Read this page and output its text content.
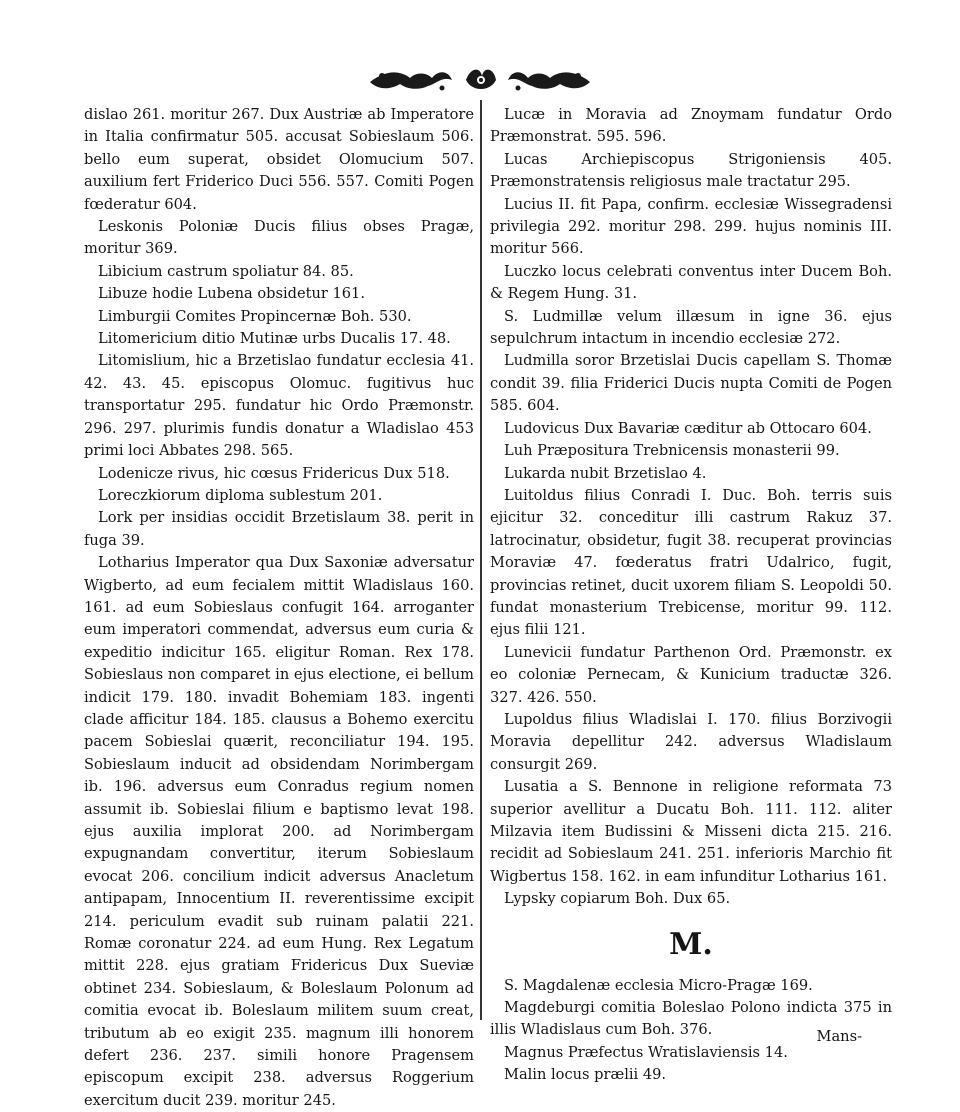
dislao 261. moritur 267. Dux Austriæ ab Imperatore in Italia confirmatur 505. accusat Sobieslaum 506. bello eum superat, obsidet Olomucium 507. auxilium fert Friderico Duci 556. 557. Comiti Pogen fœderatur 604.

Leskonis Poloniæ Ducis filius obses Pragæ, moritur 369.

Libicium castrum spoliatur 84. 85.

Libuze hodie Lubena obsidetur 161.

Limburgii Comites Propincernæ Boh. 530.

Litomericium ditio Mutinæ urbs Ducalis 17. 48.

Litomislium, hic a Brzetislao fundatur ecclesia 41. 42. 43. 45. episcopus Olomuc. fugitivus huc transportatur 295. fundatur hic Ordo Præmonstr. 296. 297. plurimis fundis donatur a Wladislao 453 primi loci Abbates 298. 565.

Lodenicze rivus, hic cœsus Fridericus Dux 518.

Loreczkiorum diploma sublestum 201.

Lork per insidias occidit Brzetislaum 38. perit in fuga 39.

Lotharius Imperator qua Dux Saxoniæ adversatur Wigberto, ad eum fecialem mittit Wladislaus 160. 161. ad eum Sobieslaus confugit 164. arroganter eum imperatori commendat, adversus eum curia & expeditio indicitur 165. eligitur Roman. Rex 178. Sobieslaus non comparet in ejus electione, ei bellum indicit 179. 180. invadit Bohemiam 183. ingenti clade afficitur 184. 185. clausus a Bohemo exercitu pacem Sobieslai quærit, reconciliatur 194. 195. Sobieslaum inducit ad obsidendam Norimbergam ib. 196. adversus eum Conradus regium nomen assumit ib. Sobieslai filium e baptismo levat 198. ejus auxilia implorat 200. ad Norimbergam expugnandam convertitur, iterum Sobieslaum evocat 206. concilium indicit adversus Anacletum antipapam, Innocentium II. reverentissime excipit 214. periculum evadit sub ruinam palatii 221. Romæ coronatur 224. ad eum Hung. Rex Legatum mittit 228. ejus gratiam Fridericus Dux Sueviæ obtinet 234. Sobieslaum, & Boleslaum Polonum ad comitia evocat ib. Boleslaum militem suum creat, tributum ab eo exigit 235. magnum illi honorem defert 236. 237. simili honore Pragensem episcopum excipit 238. adversus Roggerium exercitum ducit 239. moritur 245.

Lucæ in Moravia ad Znoymam fundatur Ordo Præmonstrat. 595. 596.

Lucas Archiepiscopus Strigoniensis 405. Præmonstratensis religiosus male tractatur 295.

Lucius II. fit Papa, confirm. ecclesiæ Wissegradensi privilegia 292. moritur 298. 299. hujus nominis III. moritur 566.

Luczko locus celebrati conventus inter Ducem Boh. & Regem Hung. 31.

S. Ludmillæ velum illæsum in igne 36. ejus sepulchrum intactum in incendio ecclesiæ 272.

Ludmilla soror Brzetislai Ducis capellam S. Thomæ condit 39. filia Friderici Ducis nupta Comiti de Pogen 585. 604.

Ludovicus Dux Bavariæ cæditur ab Ottocaro 604.

Luh Præpositura Trebnicensis monasterii 99.

Lukarda nubit Brzetislao 4.

Luitoldus filius Conradi I. Duc. Boh. terris suis ejicitur 32. conceditur illi castrum Rakuz 37. latrocinatur, obsidetur, fugit 38. recuperat provincias Moraviæ 47. fœderatus fratri Udalrico, fugit, provincias retinet, ducit uxorem filiam S. Leopoldi 50. fundat monasterium Trebicense, moritur 99. 112. ejus filii 121.

Lunevicii fundatur Parthenon Ord. Præmonstr. ex eo coloniæ Pernecam, & Kunicium traductæ 326. 327. 426. 550.

Lupoldus filius Wladislai I. 170. filius Borzivogii Moravia depellitur 242. adversus Wladislaum consurgit 269.

Lusatia a S. Bennone in religione reformata 73 superior avellitur a Ducatu Boh. 111. 112. aliter Milzavia item Budissini & Misseni dicta 215. 216. recidit ad Sobieslaum 241. 251. inferioris Marchio fit Wigbertus 158. 162. in eam infunditur Lotharius 161.

Lypsky copiarum Boh. Dux 65.

M.

S. Magdalenæ ecclesia Micro-Pragæ 169.

Magdeburgi comitia Boleslao Polono indicta 375 in illis Wladislaus cum Boh. 376.

Magnus Præfectus Wratislaviensis 14.

Malin locus prælii 49.

Mans-
